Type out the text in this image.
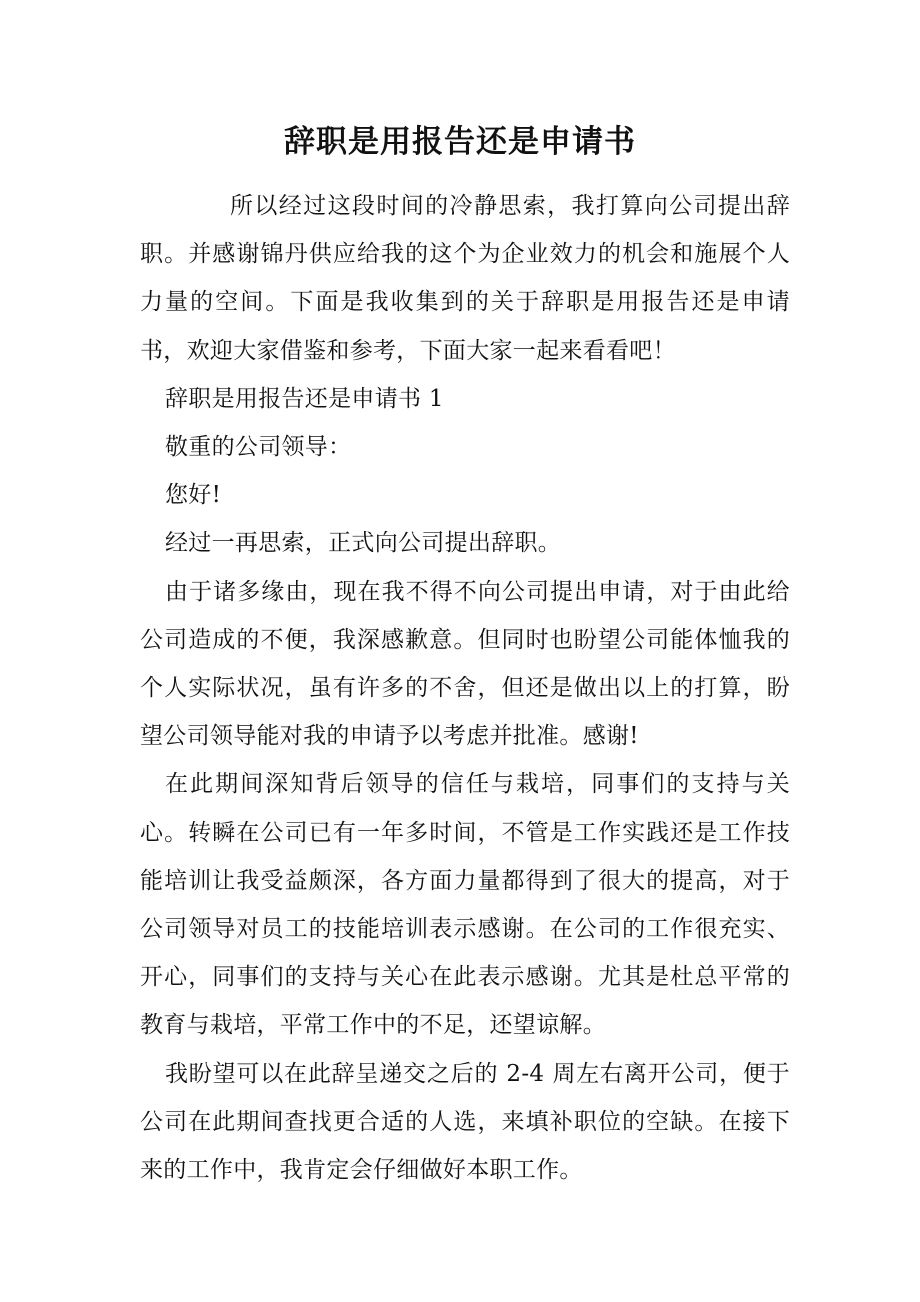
辞职是用报告还是申请书

所以经过这段时间的冷静思索，我打算向公司提出辞职。并感谢锦丹供应给我的这个为企业效力的机会和施展个人力量的空间。下面是我收集到的关于辞职是用报告还是申请书，欢迎大家借鉴和参考，下面大家一起来看看吧！

辞职是用报告还是申请书 1

敬重的公司领导：

您好!

经过一再思索，正式向公司提出辞职。

由于诸多缘由，现在我不得不向公司提出申请，对于由此给公司造成的不便，我深感歉意。但同时也盼望公司能体恤我的个人实际状况，虽有许多的不舍，但还是做出以上的打算，盼望公司领导能对我的申请予以考虑并批准。感谢!

在此期间深知背后领导的信任与栽培，同事们的支持与关心。转瞬在公司已有一年多时间，不管是工作实践还是工作技能培训让我受益颇深，各方面力量都得到了很大的提高，对于公司领导对员工的技能培训表示感谢。在公司的工作很充实、开心，同事们的支持与关心在此表示感谢。尤其是杜总平常的教育与栽培，平常工作中的不足，还望谅解。

我盼望可以在此辞呈递交之后的 2-4 周左右离开公司，便于公司在此期间查找更合适的人选，来填补职位的空缺。在接下来的工作中，我肯定会仔细做好本职工作。
